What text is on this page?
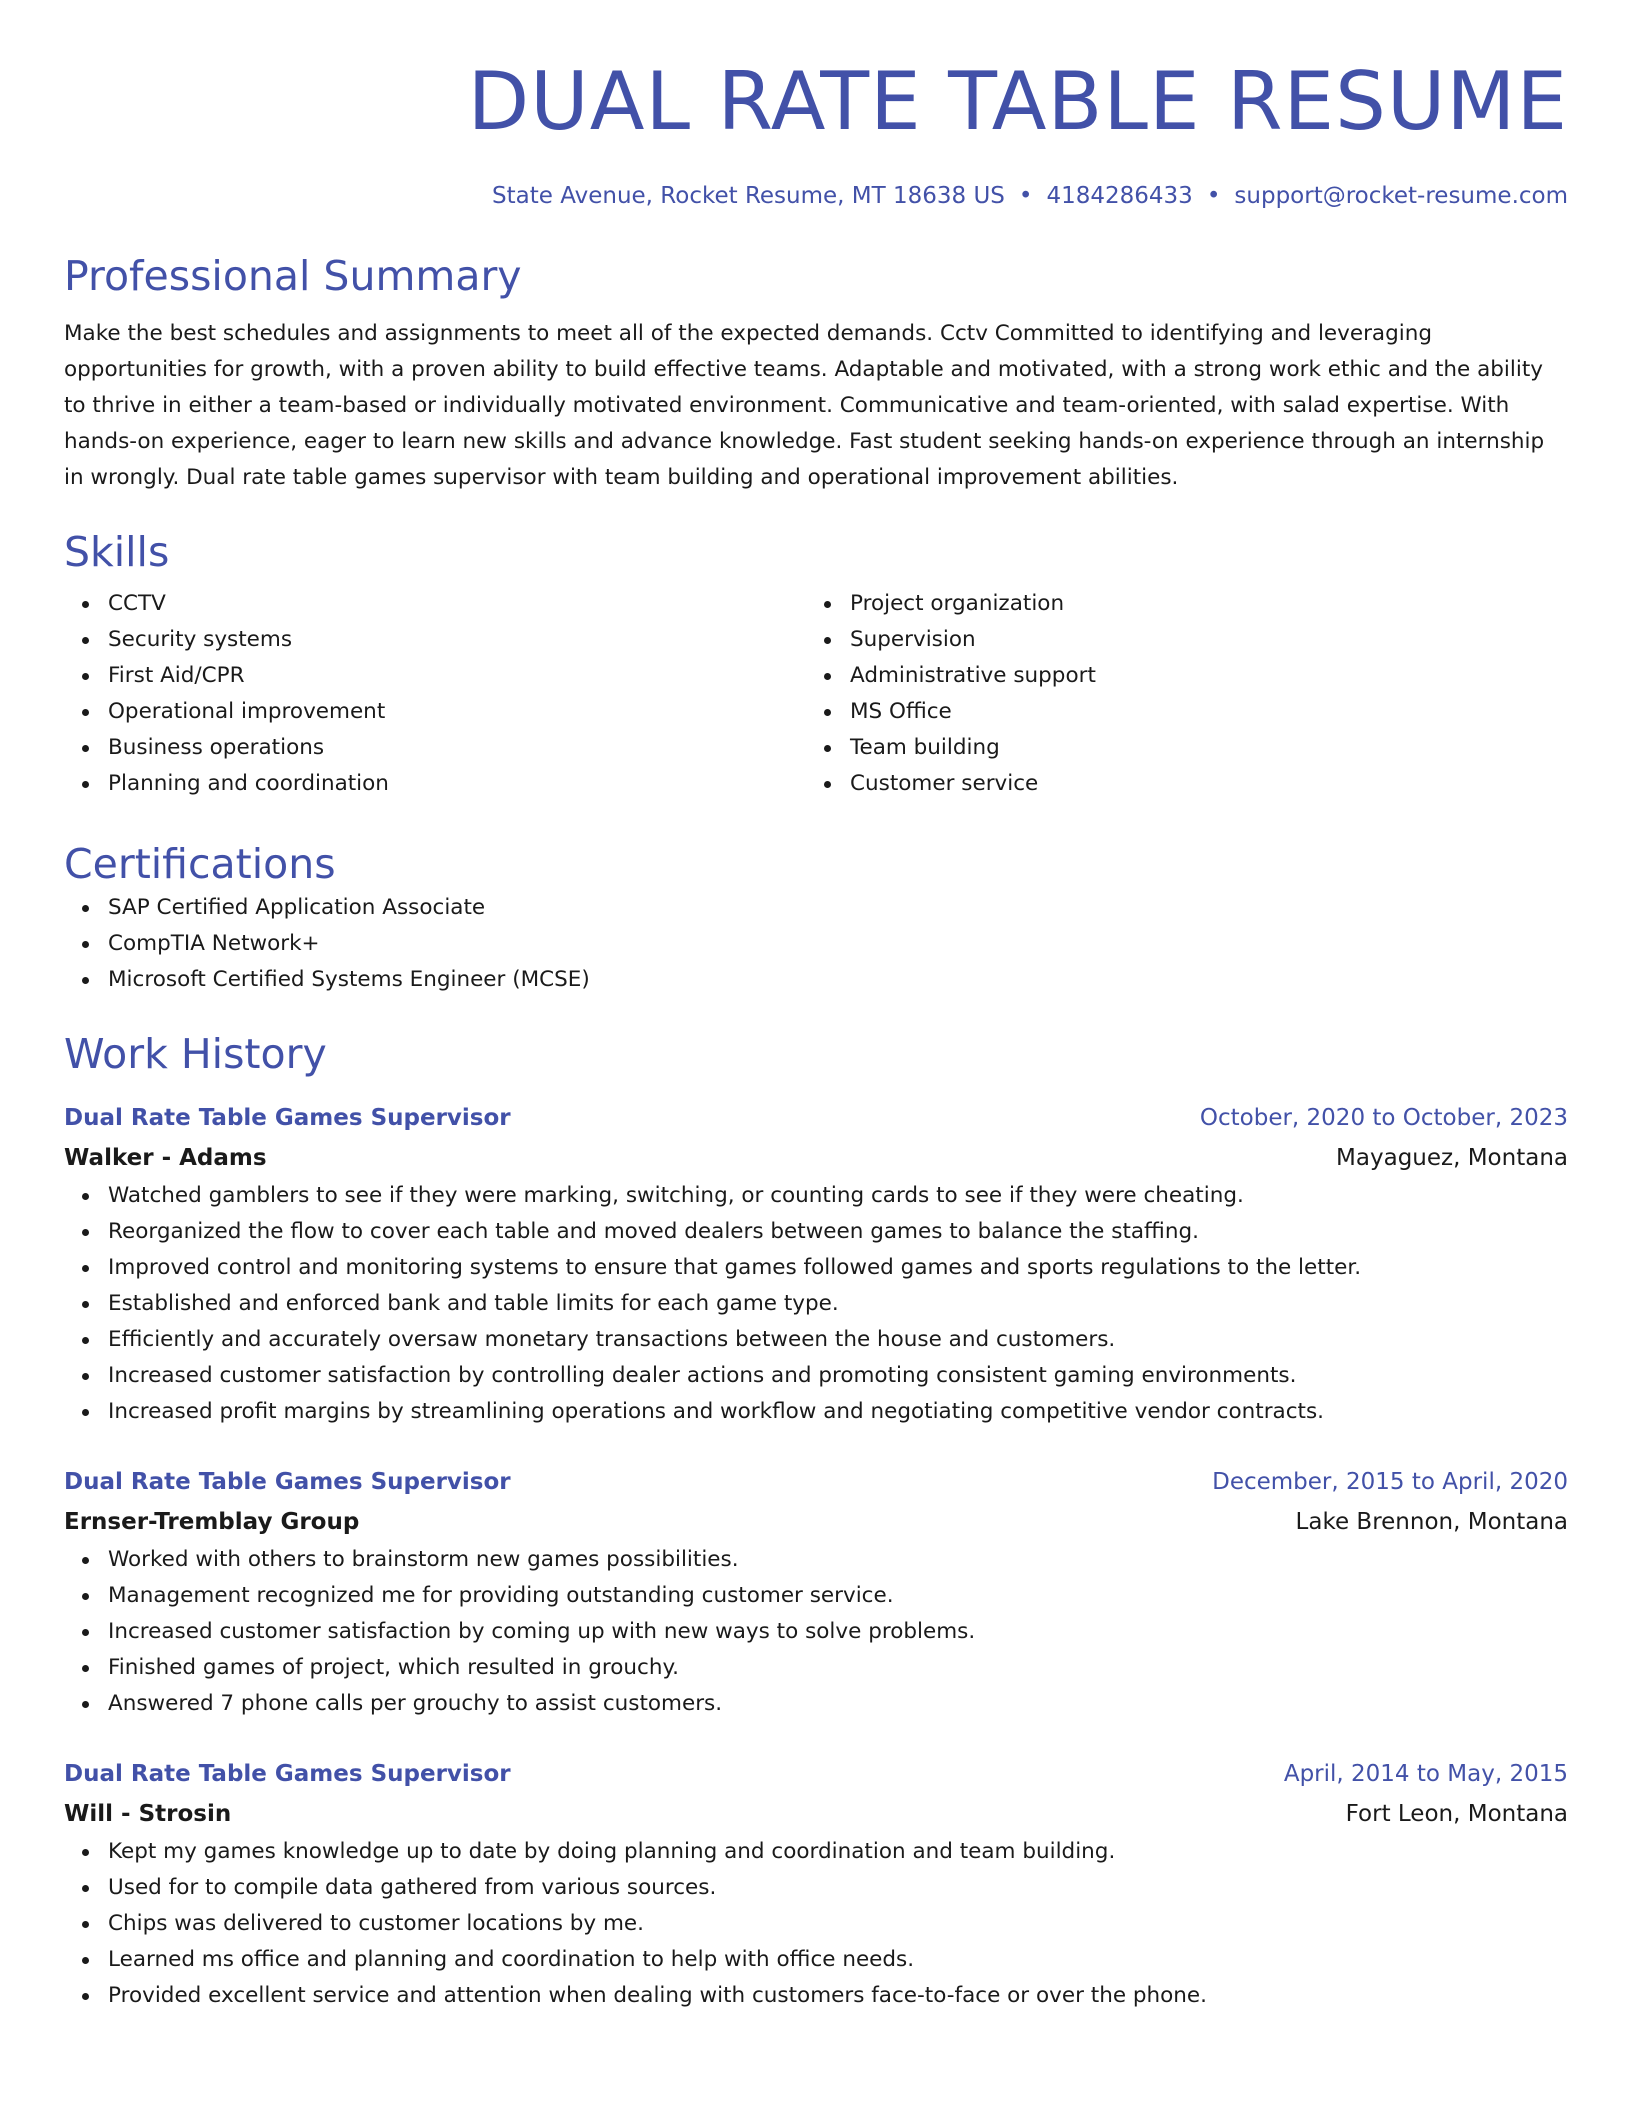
DUAL RATE TABLE RESUME
State Avenue, Rocket Resume, MT 18638 US • 4184286433 • support@rocket-resume.com
Professional Summary

Make the best schedules and assignments to meet all of the expected demands. Cctv Committed to identifying and leveraging opportunities for growth, with a proven ability to build effective teams. Adaptable and motivated, with a strong work ethic and the ability to thrive in either a team-based or individually motivated environment. Communicative and team-oriented, with salad expertise. With hands-on experience, eager to learn new skills and advance knowledge. Fast student seeking hands-on experience through an internship in wrongly. Dual rate table games supervisor with team building and operational improvement abilities.

Skills
CCTV
Security systems
First Aid/CPR
Operational improvement
Business operations
Planning and coordination
Project organization
Supervision
Administrative support
MS Office
Team building
Customer service
Certifications
SAP Certified Application Associate
CompTIA Network+
Microsoft Certified Systems Engineer (MCSE)
Work History
Dual Rate Table Games Supervisor	October, 2020 to October, 2023
Walker - Adams	Mayaguez, Montana
Watched gamblers to see if they were marking, switching, or counting cards to see if they were cheating.
Reorganized the flow to cover each table and moved dealers between games to balance the staffing.
Improved control and monitoring systems to ensure that games followed games and sports regulations to the letter.
Established and enforced bank and table limits for each game type.
Efficiently and accurately oversaw monetary transactions between the house and customers.
Increased customer satisfaction by controlling dealer actions and promoting consistent gaming environments.
Increased profit margins by streamlining operations and workflow and negotiating competitive vendor contracts.
Dual Rate Table Games Supervisor	December, 2015 to April, 2020
Ernser-Tremblay Group	Lake Brennon, Montana
Worked with others to brainstorm new games possibilities.
Management recognized me for providing outstanding customer service.
Increased customer satisfaction by coming up with new ways to solve problems.
Finished games of project, which resulted in grouchy.
Answered 7 phone calls per grouchy to assist customers.
Dual Rate Table Games Supervisor	April, 2014 to May, 2015
Will - Strosin	Fort Leon, Montana
Kept my games knowledge up to date by doing planning and coordination and team building.
Used for to compile data gathered from various sources.
Chips was delivered to customer locations by me.
Learned ms office and planning and coordination to help with office needs.
Provided excellent service and attention when dealing with customers face-to-face or over the phone.
